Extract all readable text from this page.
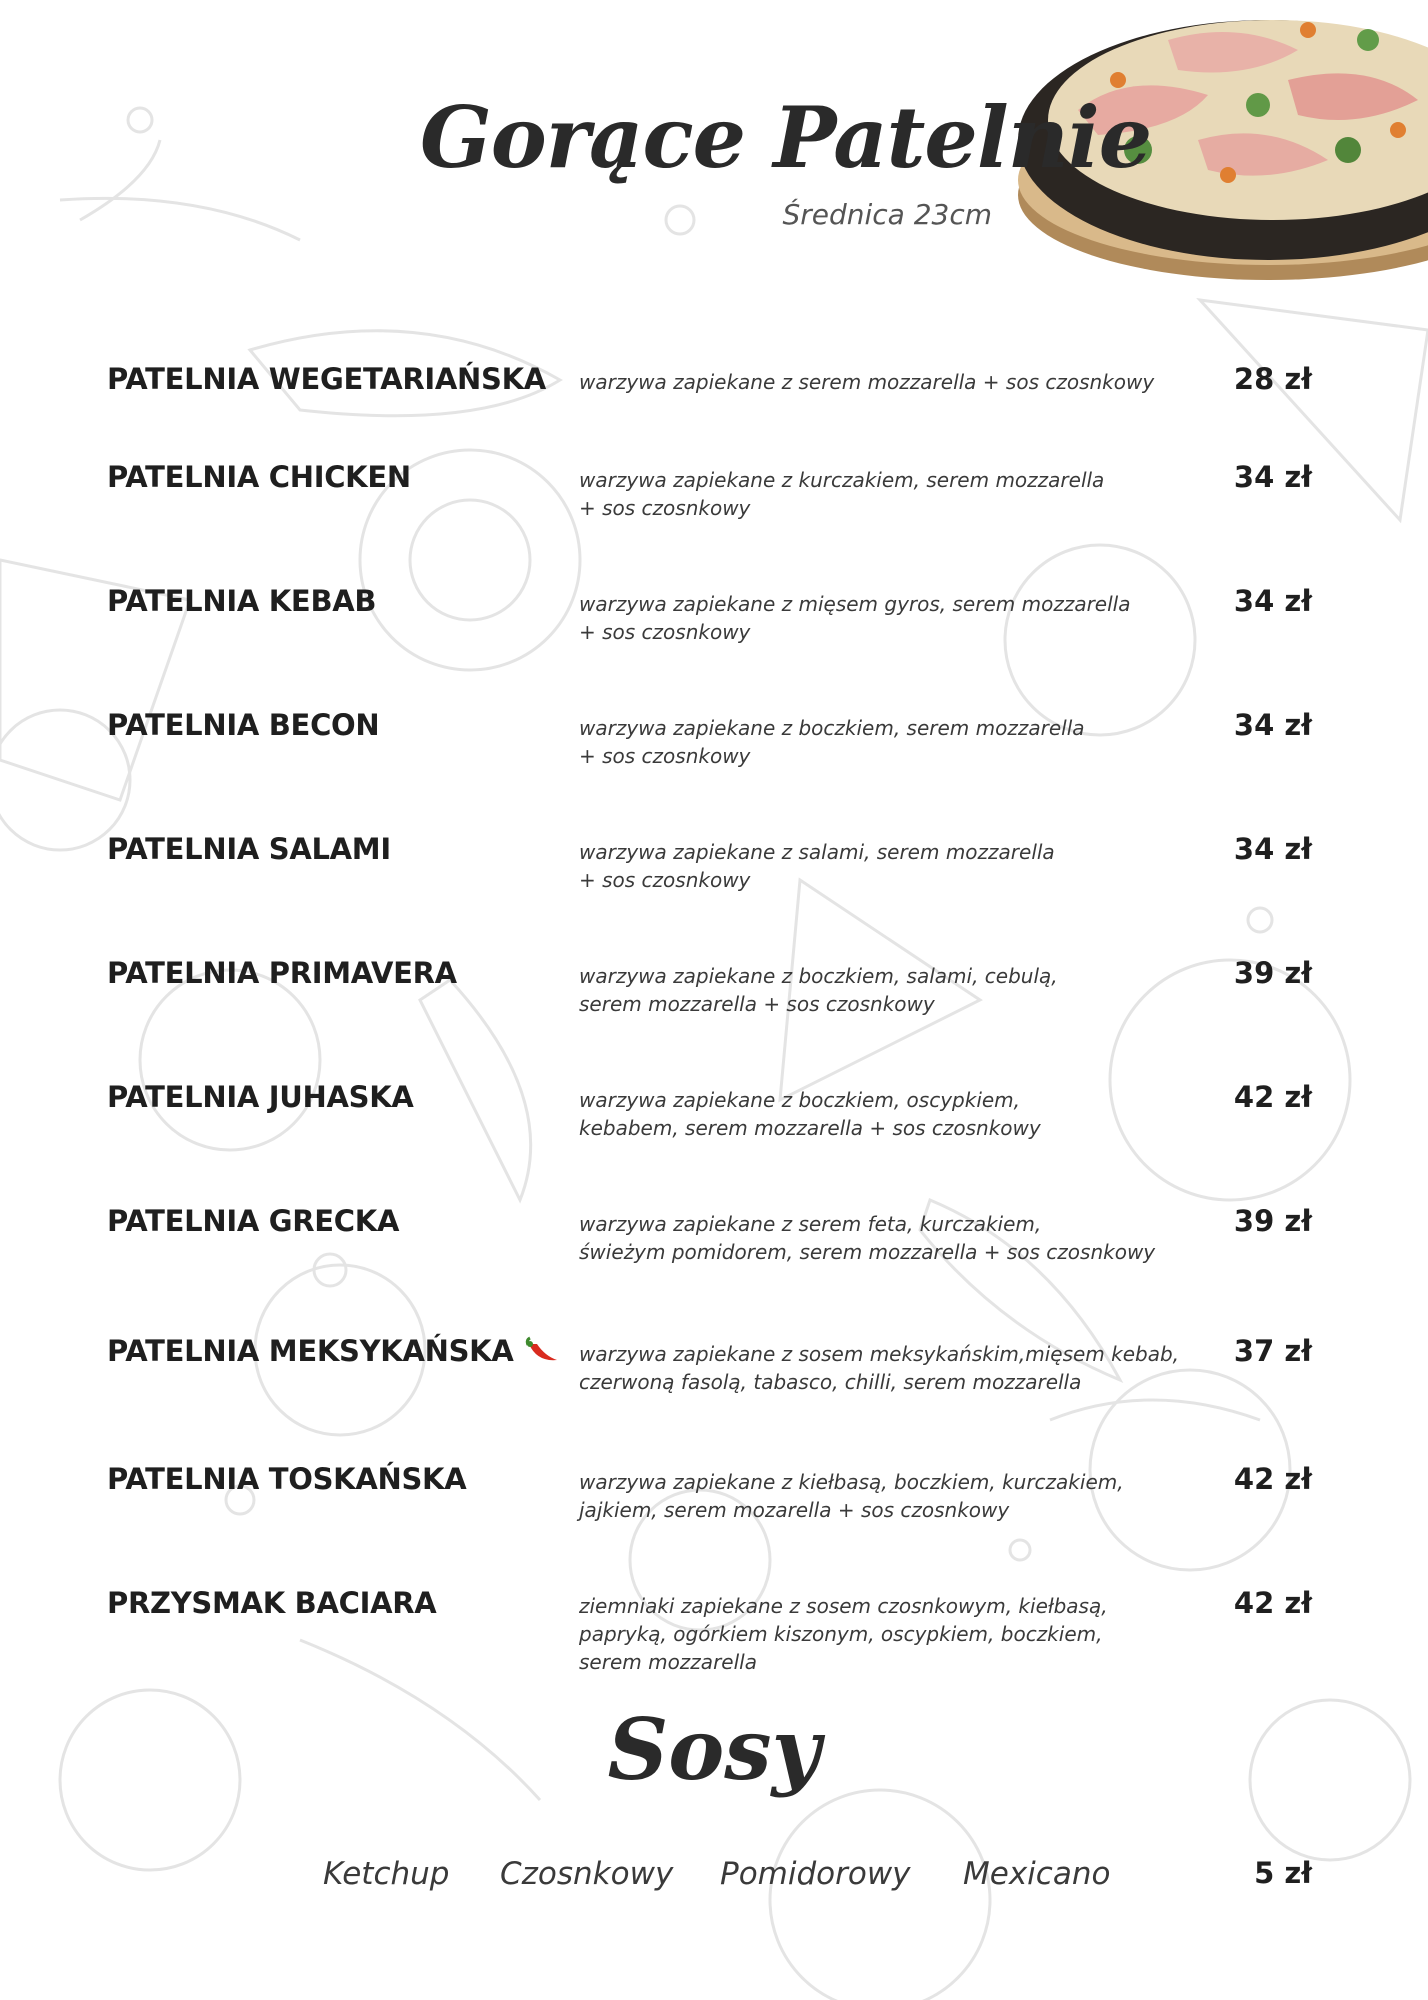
Gorące Patelnie
Średnica 23cm
PATELNIA WEGETARIAŃSKA warzywa zapiekane z serem mozzarella + sos czosnkowy	28 zł
PATELNIA CHICKEN	warzywa zapiekane z kurczakiem, serem mozzarella
+ sos czosnkowy
34 zł
PATELNIA KEBAB	warzywa zapiekane z mięsem gyros, serem mozzarella
+ sos czosnkowy
34 zł
PATELNIA BECON	warzywa zapiekane z boczkiem, serem mozzarella
+ sos czosnkowy
34 zł
PATELNIA SALAMI	warzywa zapiekane z salami, serem mozzarella
+ sos czosnkowy
34 zł
PATELNIA PRIMAVERA	warzywa zapiekane z boczkiem, salami, cebulą,
serem mozzarella + sos czosnkowy
39 zł
PATELNIA JUHASKA	warzywa zapiekane z boczkiem, oscypkiem,
kebabem, serem mozzarella + sos czosnkowy
42 zł
PATELNIA GRECKA	warzywa zapiekane z serem feta, kurczakiem,
świeżym pomidorem, serem mozzarella + sos czosnkowy
39 zł
PATELNIA MEKSYKAŃSKA	warzywa zapiekane z sosem meksykańskim,mięsem kebab,
czerwoną fasolą, tabasco, chilli, serem mozzarella
37 zł
PATELNIA TOSKAŃSKA	warzywa zapiekane z kiełbasą, boczkiem, kurczakiem,
jajkiem, serem mozarella + sos czosnkowy
42 zł
PRZYSMAK BACIARA	ziemniaki zapiekane z sosem czosnkowym, kiełbasą,
papryką, ogórkiem kiszonym, oscypkiem, boczkiem,
serem mozzarella
42 zł
Sosy
Ketchup Czosnkowy Pomidorowy Mexicano	5 zł
